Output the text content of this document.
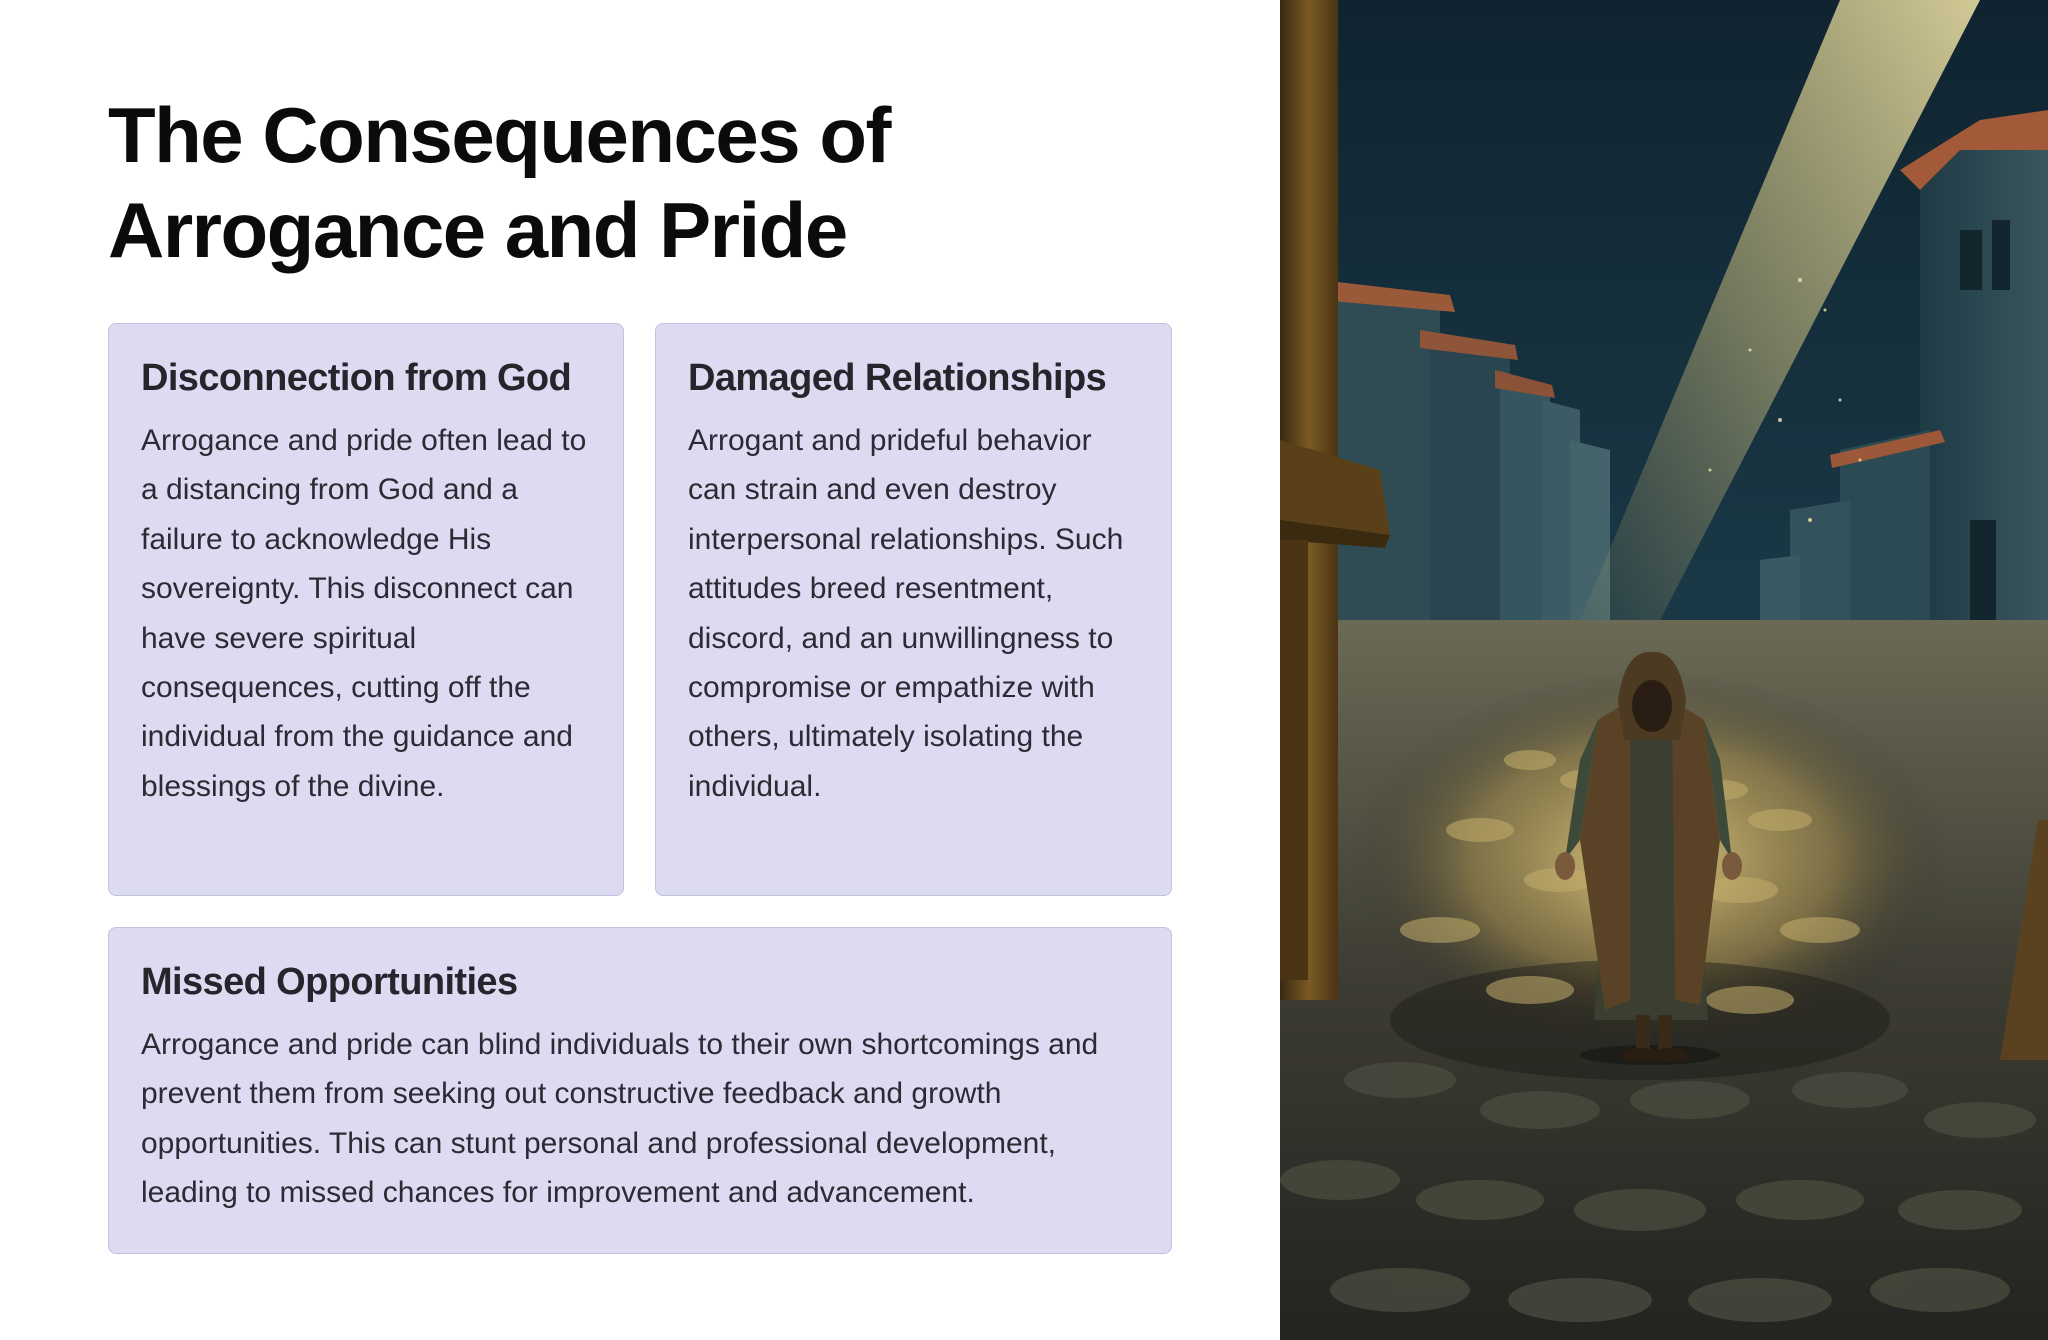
The Consequences of Arrogance and Pride
Disconnection from God

Arrogance and pride often lead to a distancing from God and a failure to acknowledge His sovereignty. This disconnect can have severe spiritual consequences, cutting off the individual from the guidance and blessings of the divine.

Damaged Relationships

Arrogant and prideful behavior can strain and even destroy interpersonal relationships. Such attitudes breed resentment, discord, and an unwillingness to compromise or empathize with others, ultimately isolating the individual.

Missed Opportunities

Arrogance and pride can blind individuals to their own shortcomings and prevent them from seeking out constructive feedback and growth opportunities. This can stunt personal and professional development, leading to missed chances for improvement and advancement.
